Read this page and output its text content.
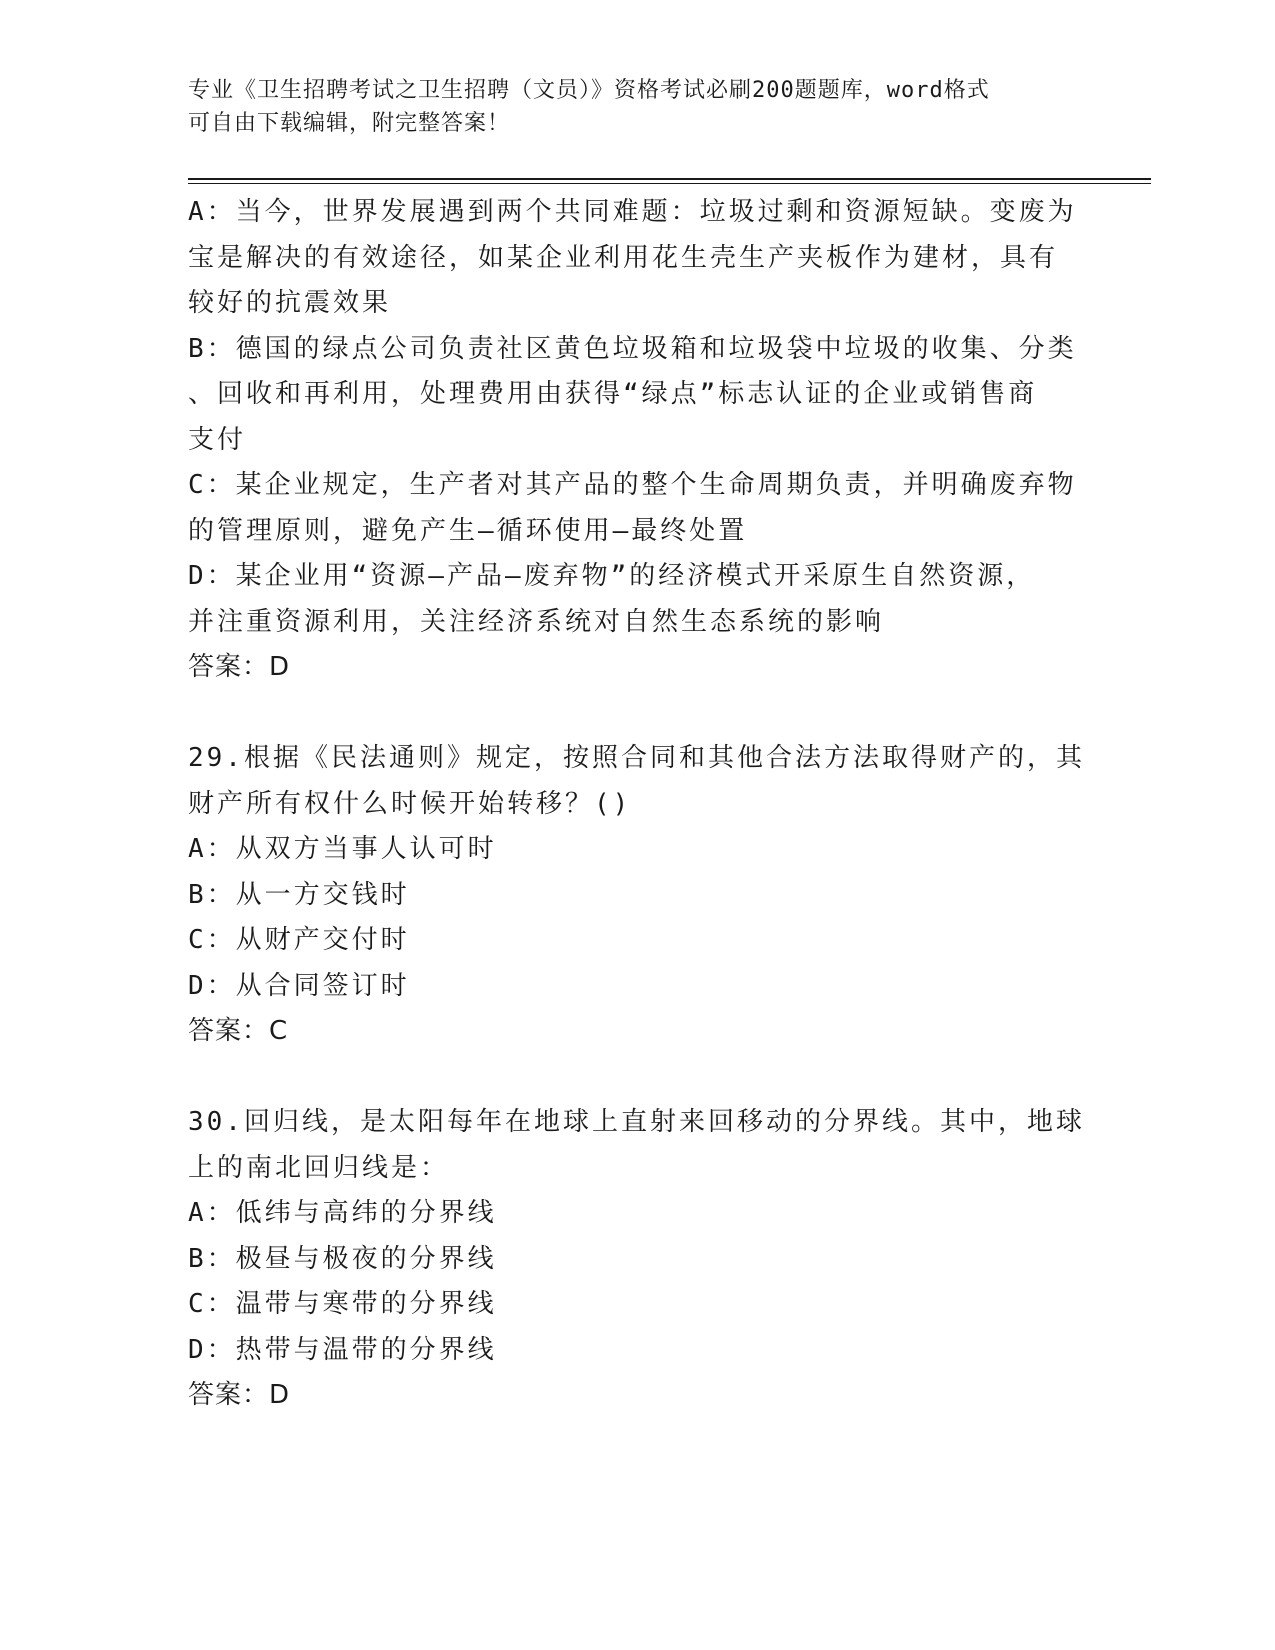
专业《卫生招聘考试之卫生招聘（文员）》资格考试必刷200题题库，word格式
可自由下载编辑，附完整答案！
A：当今，世界发展遇到两个共同难题：垃圾过剩和资源短缺。变废为
宝是解决的有效途径，如某企业利用花生壳生产夹板作为建材，具有
较好的抗震效果
B：德国的绿点公司负责社区黄色垃圾箱和垃圾袋中垃圾的收集、分类
、回收和再利用，处理费用由获得“绿点”标志认证的企业或销售商
支付
C：某企业规定，生产者对其产品的整个生命周期负责，并明确废弃物
的管理原则，避免产生—循环使用—最终处置
D：某企业用“资源—产品—废弃物”的经济模式开采原生自然资源，
并注重资源利用，关注经济系统对自然生态系统的影响
答案：D
29.根据《民法通则》规定，按照合同和其他合法方法取得财产的，其
财产所有权什么时候开始转移？()
A：从双方当事人认可时
B：从一方交钱时
C：从财产交付时
D：从合同签订时
答案：C
30.回归线，是太阳每年在地球上直射来回移动的分界线。其中，地球
上的南北回归线是：
A：低纬与高纬的分界线
B：极昼与极夜的分界线
C：温带与寒带的分界线
D：热带与温带的分界线
答案：D
